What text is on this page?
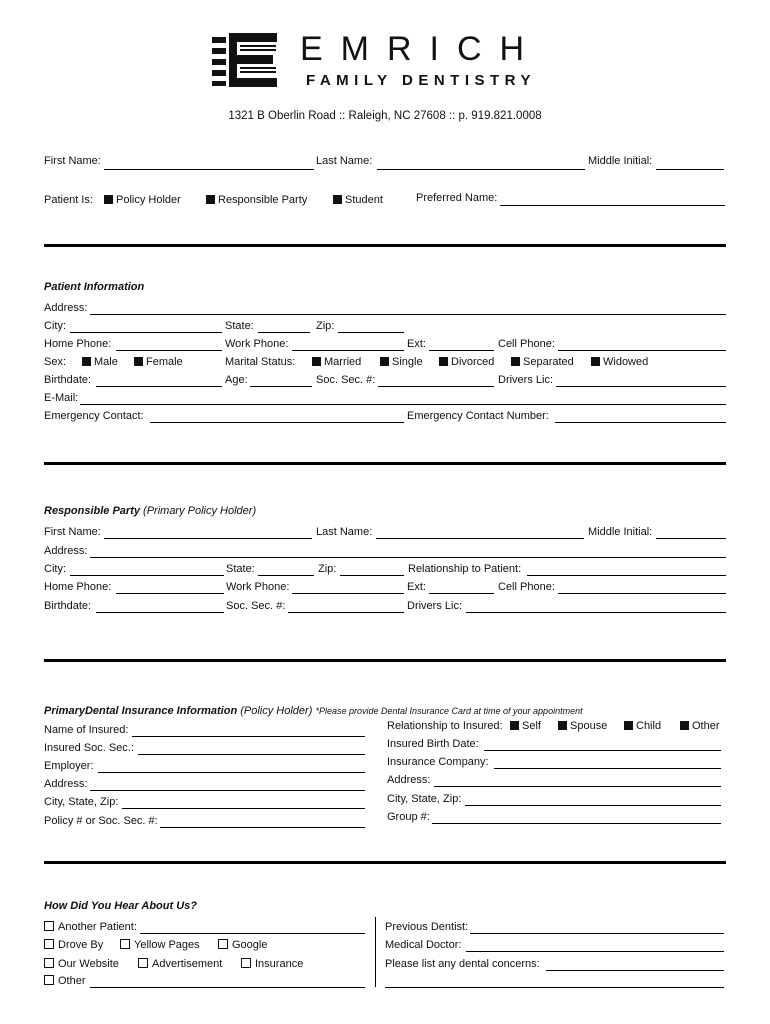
EMRICH
FAMILY DENTISTRY
1321 B Oberlin Road :: Raleigh, NC 27608 :: p. 919.821.0008
First Name:	Last Name:	Middle Initial:
Patient Is:	Policy Holder	Responsible Party	Student	Preferred Name:
Patient Information
Address:
City:	State:	Zip:
Home Phone:	Work Phone:	Ext:	Cell Phone:
Sex:	Male	Female	Marital Status:	Married	Single	Divorced	Separated	Widowed
Birthdate:	Age:	Soc. Sec. #:	Drivers Lic:
E-Mail:
Emergency Contact:	Emergency Contact Number:
Responsible Party (Primary Policy Holder)
First Name:	Last Name:	Middle Initial:
Address:
City:	State:	Zip:	Relationship to Patient:
Home Phone:	Work Phone:	Ext:	Cell Phone:
Birthdate:	Soc. Sec. #:	Drivers Lic:
PrimaryDental Insurance Information (Policy Holder) *Please provide Dental Insurance Card at time of your appointment
Name of Insured:
Insured Soc. Sec.:
Employer:
Address:
City, State, Zip:
Policy # or Soc. Sec. #:
Relationship to Insured:	Self	Spouse	Child	Other
Insured Birth Date:
Insurance Company:
Address:
City, State, Zip:
Group #:
How Did You Hear About Us?
Another Patient:
Drove By	Yellow Pages	Google
Our Website	Advertisement	Insurance
Other
Previous Dentist:
Medical Doctor:
Please list any dental concerns:
